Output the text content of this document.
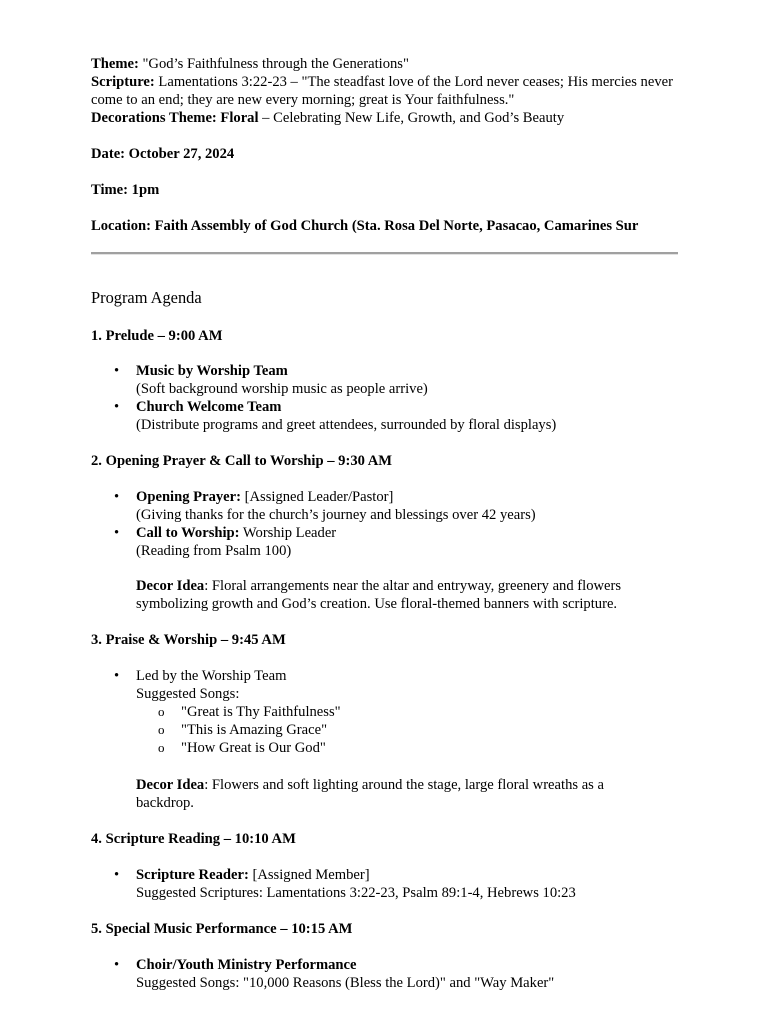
Theme: "God’s Faithfulness through the Generations"

Scripture: Lamentations 3:22-23 – "The steadfast love of the Lord never ceases; His mercies never come to an end; they are new every morning; great is Your faithfulness."

Decorations Theme: Floral – Celebrating New Life, Growth, and God’s Beauty

Date: October 27, 2024

Time: 1pm

Location: Faith Assembly of God Church (Sta. Rosa Del Norte, Pasacao, Camarines Sur

Program Agenda

1. Prelude – 9:00 AM

• Music by Worship Team
(Soft background worship music as people arrive)
• Church Welcome Team
(Distribute programs and greet attendees, surrounded by floral displays)

2. Opening Prayer & Call to Worship – 9:30 AM

• Opening Prayer: [Assigned Leader/Pastor]
(Giving thanks for the church’s journey and blessings over 42 years)
• Call to Worship: Worship Leader
(Reading from Psalm 100)

Decor Idea: Floral arrangements near the altar and entryway, greenery and flowers symbolizing growth and God’s creation. Use floral-themed banners with scripture.

3. Praise & Worship – 9:45 AM

• Led by the Worship Team
Suggested Songs:
o "Great is Thy Faithfulness"
o "This is Amazing Grace"
o "How Great is Our God"

Decor Idea: Flowers and soft lighting around the stage, large floral wreaths as a backdrop.

4. Scripture Reading – 10:10 AM

• Scripture Reader: [Assigned Member]
Suggested Scriptures: Lamentations 3:22-23, Psalm 89:1-4, Hebrews 10:23

5. Special Music Performance – 10:15 AM

• Choir/Youth Ministry Performance
Suggested Songs: "10,000 Reasons (Bless the Lord)" and "Way Maker"
